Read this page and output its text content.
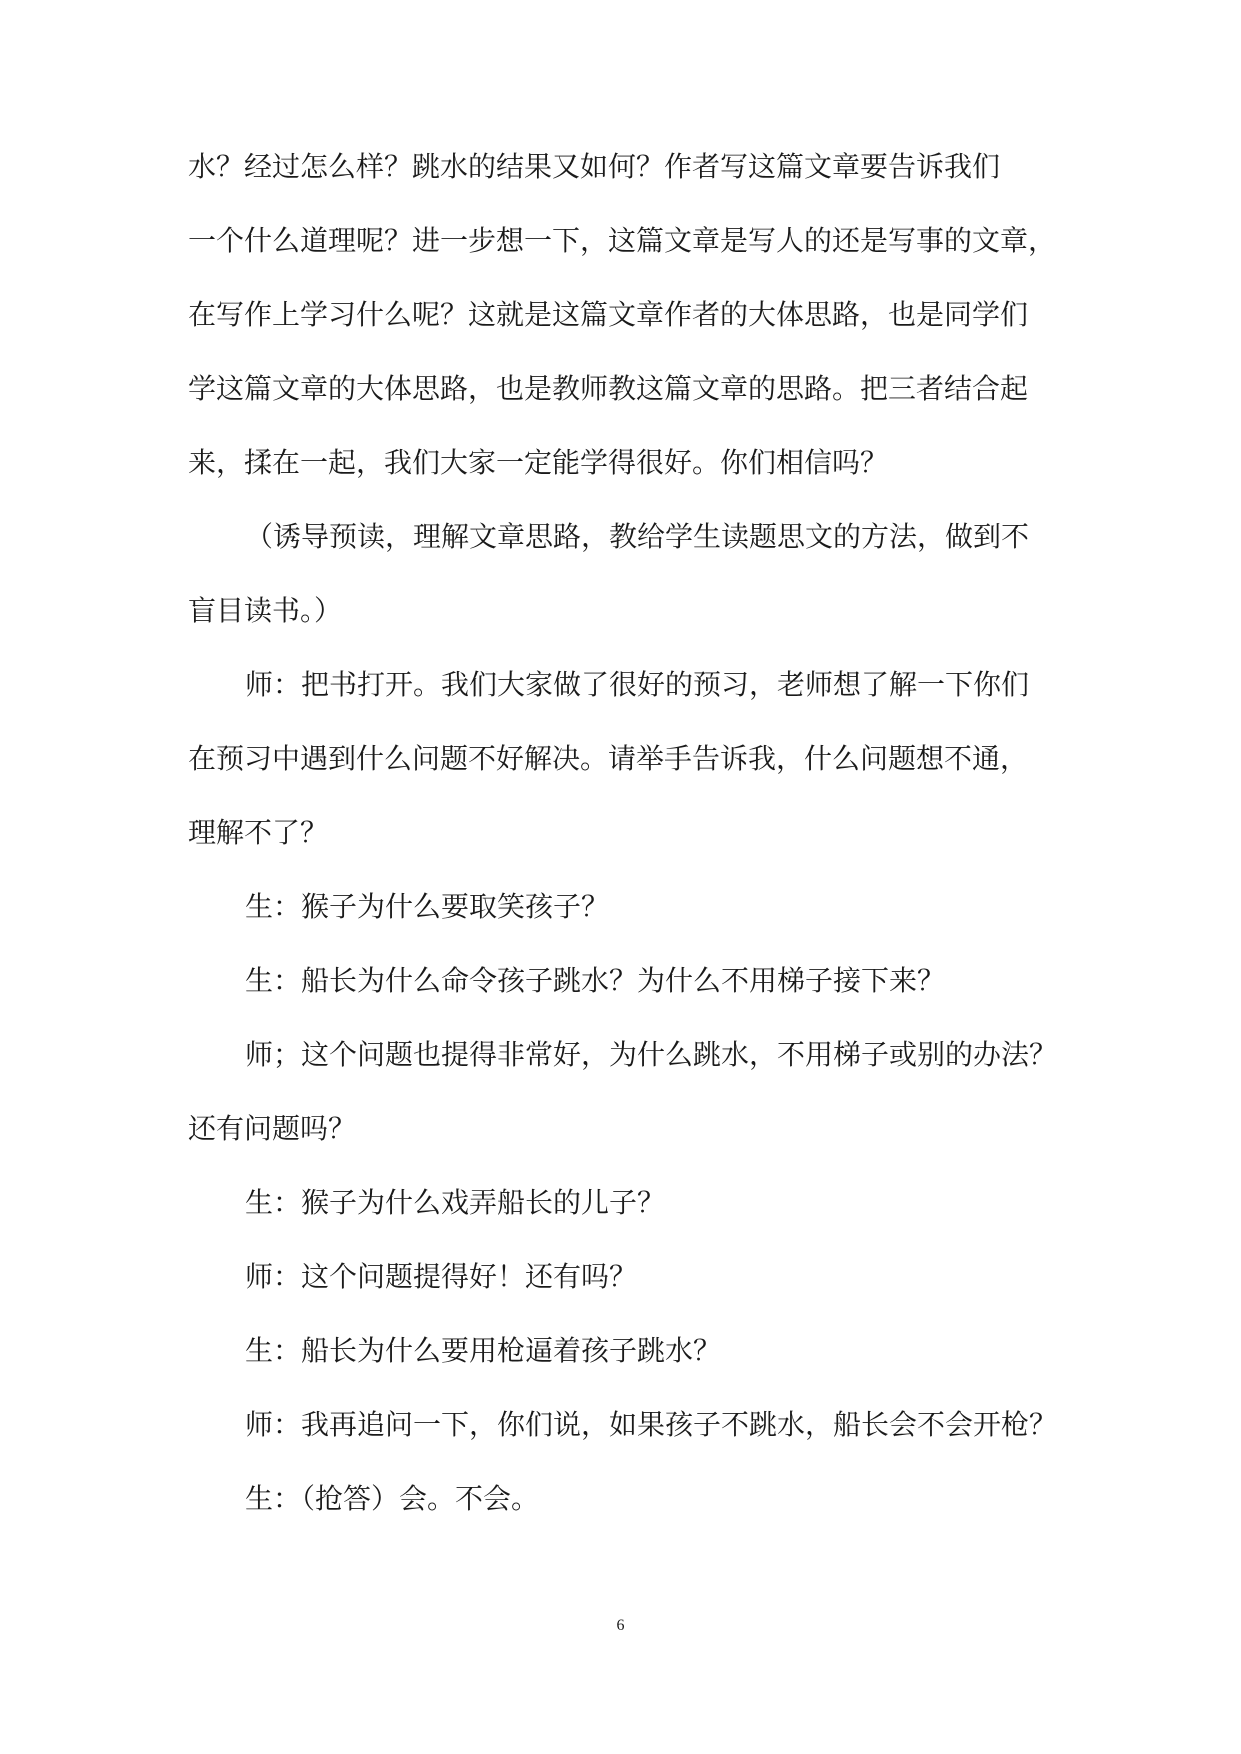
水？经过怎么样？跳水的结果又如何？作者写这篇文章要告诉我们

一个什么道理呢？进一步想一下，这篇文章是写人的还是写事的文章，

在写作上学习什么呢？这就是这篇文章作者的大体思路，也是同学们

学这篇文章的大体思路，也是教师教这篇文章的思路。把三者结合起

来，揉在一起，我们大家一定能学得很好。你们相信吗？

（诱导预读，理解文章思路，教给学生读题思文的方法，做到不

盲目读书。）

师：把书打开。我们大家做了很好的预习，老师想了解一下你们

在预习中遇到什么问题不好解决。请举手告诉我，什么问题想不通，

理解不了？

生：猴子为什么要取笑孩子？

生：船长为什么命令孩子跳水？为什么不用梯子接下来？

师；这个问题也提得非常好，为什么跳水，不用梯子或别的办法？

还有问题吗？

生：猴子为什么戏弄船长的儿子？

师：这个问题提得好！还有吗？

生：船长为什么要用枪逼着孩子跳水？

师：我再追问一下，你们说，如果孩子不跳水，船长会不会开枪？

生：（抢答）会。不会。

6
